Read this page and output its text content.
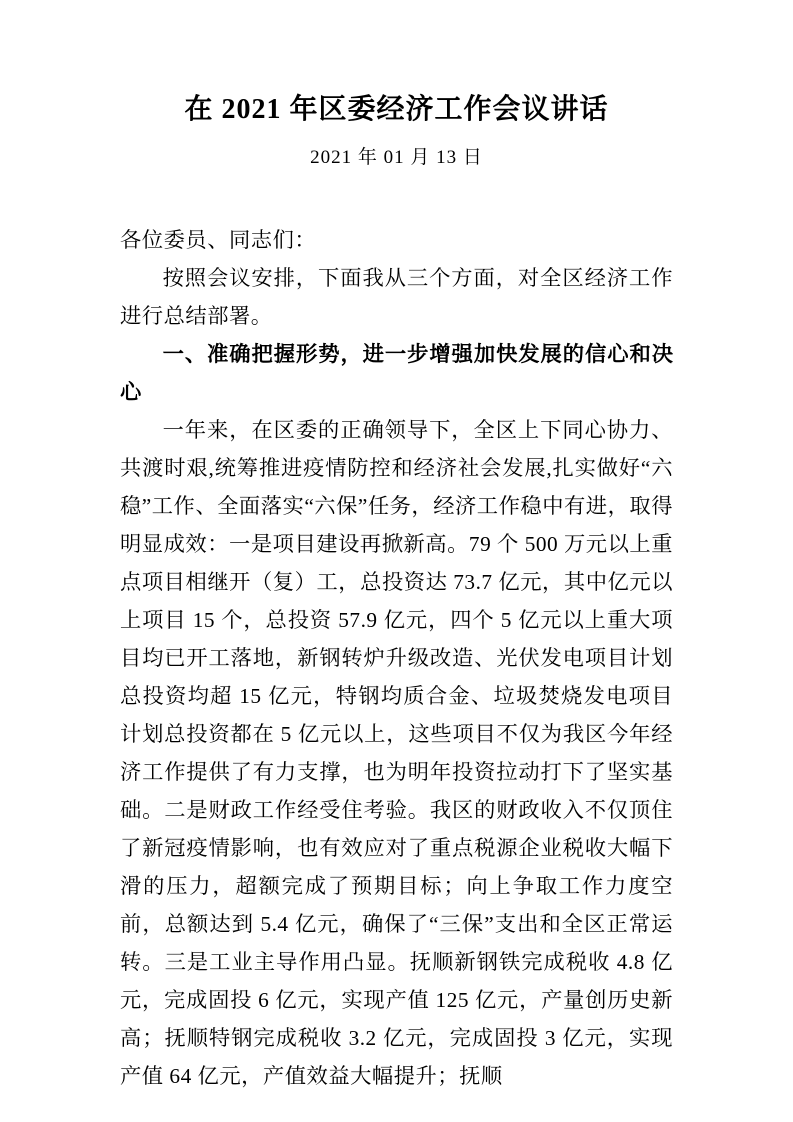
在 2021 年区委经济工作会议讲话
2021 年 01 月 13 日

各位委员、同志们：

按照会议安排，下面我从三个方面，对全区经济工作进行总结部署。

一、准确把握形势，进一步增强加快发展的信心和决心

一年来，在区委的正确领导下，全区上下同心协力、共渡时艰,统筹推进疫情防控和经济社会发展,扎实做好“六稳”工作、全面落实“六保”任务，经济工作稳中有进，取得明显成效：一是项目建设再掀新高。79 个 500 万元以上重点项目相继开（复）工，总投资达 73.7 亿元，其中亿元以上项目 15 个，总投资 57.9 亿元，四个 5 亿元以上重大项目均已开工落地，新钢转炉升级改造、光伏发电项目计划总投资均超 15 亿元，特钢均质合金、垃圾焚烧发电项目计划总投资都在 5 亿元以上，这些项目不仅为我区今年经济工作提供了有力支撑，也为明年投资拉动打下了坚实基础。二是财政工作经受住考验。我区的财政收入不仅顶住了新冠疫情影响，也有效应对了重点税源企业税收大幅下滑的压力，超额完成了预期目标；向上争取工作力度空前，总额达到 5.4 亿元，确保了“三保”支出和全区正常运转。三是工业主导作用凸显。抚顺新钢铁完成税收 4.8 亿元，完成固投 6 亿元，实现产值 125 亿元，产量创历史新高；抚顺特钢完成税收 3.2 亿元，完成固投 3 亿元，实现产值 64 亿元，产值效益大幅提升；抚顺
